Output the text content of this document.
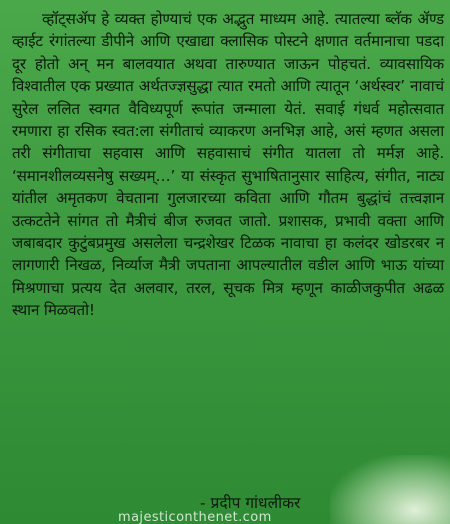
व्हॉट्सॲप हे व्यक्त होण्याचं एक अद्भुत माध्यम आहे. त्यातल्या ब्लॅक ॲण्ड व्हाईट रंगांतल्या डीपीने आणि एखाद्या क्लासिक पोस्टने क्षणात वर्तमानाचा पडदा दूर होतो अन् मन बालवयात अथवा तारुण्यात जाऊन पोहचतं. व्यावसायिक विश्वातील एक प्रख्यात अर्थतज्ज्ञसुद्धा त्यात रमतो आणि त्यातून ‘अर्थस्वर’ नावाचं सुरेल ललित स्वगत वैविध्यपूर्ण रूपांत जन्माला येतं. सवाई गंधर्व महोत्सवात रमणारा हा रसिक स्वत:ला संगीताचं व्याकरण अनभिज्ञ आहे, असं म्हणत असला तरी संगीताचा सहवास आणि सहवासाचं संगीत यातला तो मर्मज्ञ आहे. ‘समानशीलव्यसनेषु सख्यम्…’ या संस्कृत सुभाषितानुसार साहित्य, संगीत, नाट्य यांतील अमृतकण वेचताना गुलजारच्या कविता आणि गौतम बुद्धांचं तत्त्वज्ञान उत्कटतेने सांगत तो मैत्रीचं बीज रुजवत जातो. प्रशासक, प्रभावी वक्ता आणि जबाबदार कुटुंबप्रमुख असलेला चन्द्रशेखर टिळक नावाचा हा कलंदर खोडरबर न लागणारी निखळ, निर्व्याज मैत्री जपताना आपल्यातील वडील आणि भाऊ यांच्या मिश्रणाचा प्रत्यय देत अलवार, तरल, सूचक मित्र म्हणून काळीजकुपीत अढळ स्थान मिळवतो!
- प्रदीप गांधलीकर
majesticonthenet.com
